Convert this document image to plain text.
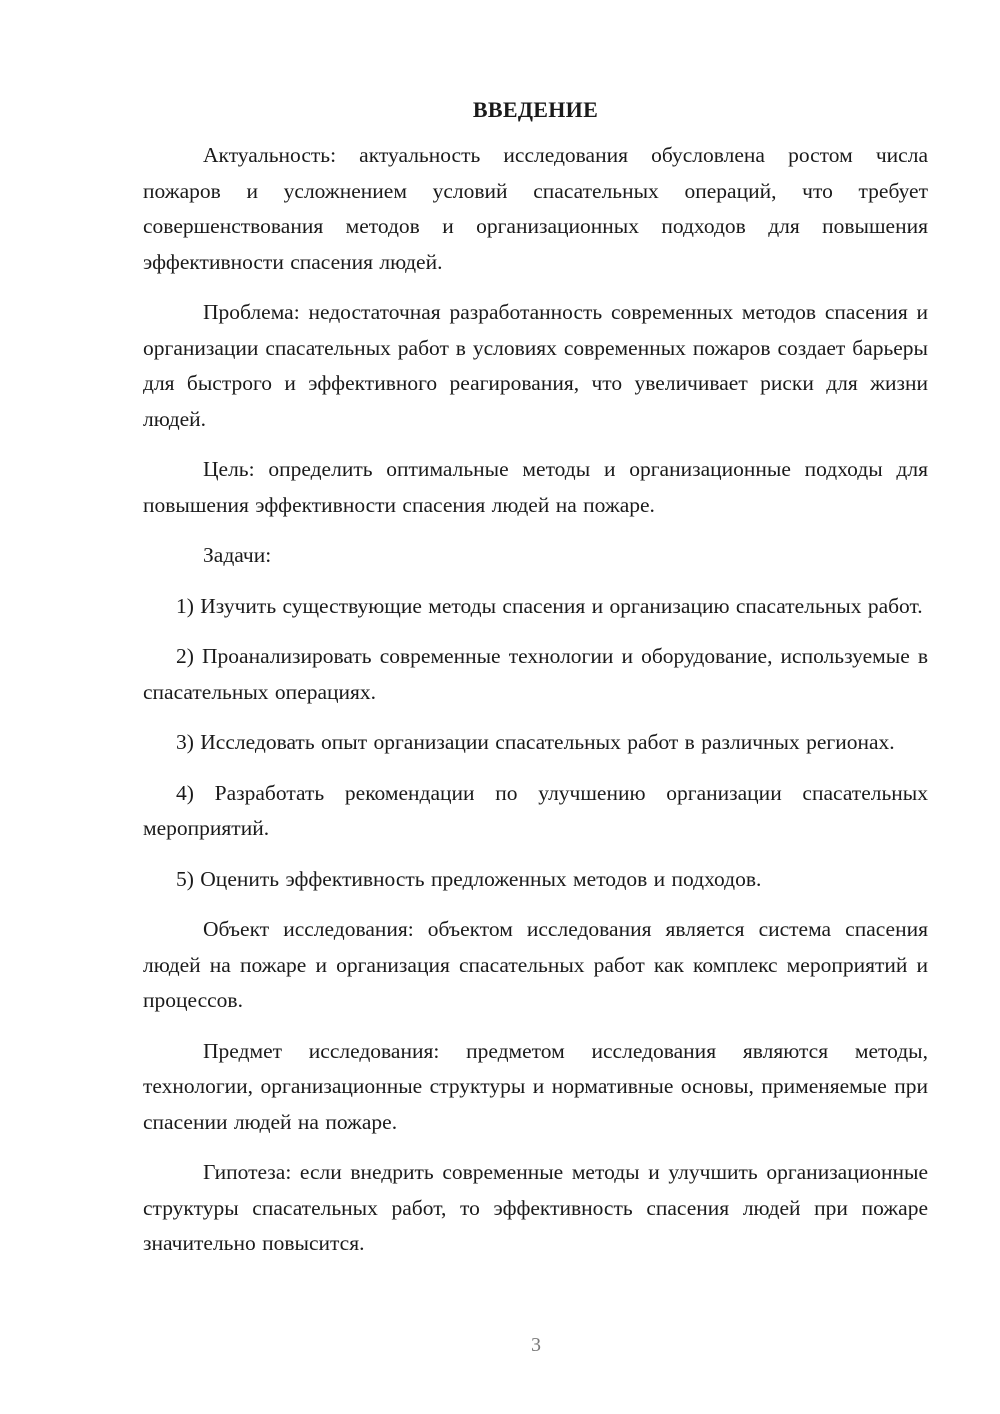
ВВЕДЕНИЕ

Актуальность: актуальность исследования обусловлена ростом числа пожаров и усложнением условий спасательных операций, что требует совершенствования методов и организационных подходов для повышения эффективности спасения людей.

Проблема: недостаточная разработанность современных методов спасения и организации спасательных работ в условиях современных пожаров создает барьеры для быстрого и эффективного реагирования, что увеличивает риски для жизни людей.

Цель: определить оптимальные методы и организационные подходы для повышения эффективности спасения людей на пожаре.

Задачи:

1) Изучить существующие методы спасения и организацию спасательных работ.

2) Проанализировать современные технологии и оборудование, используемые в спасательных операциях.

3) Исследовать опыт организации спасательных работ в различных регионах.

4) Разработать рекомендации по улучшению организации спасательных мероприятий.

5) Оценить эффективность предложенных методов и подходов.

Объект исследования: объектом исследования является система спасения людей на пожаре и организация спасательных работ как комплекс мероприятий и процессов.

Предмет исследования: предметом исследования являются методы, технологии, организационные структуры и нормативные основы, применяемые при спасении людей на пожаре.

Гипотеза: если внедрить современные методы и улучшить организационные структуры спасательных работ, то эффективность спасения людей при пожаре значительно повысится.

3
